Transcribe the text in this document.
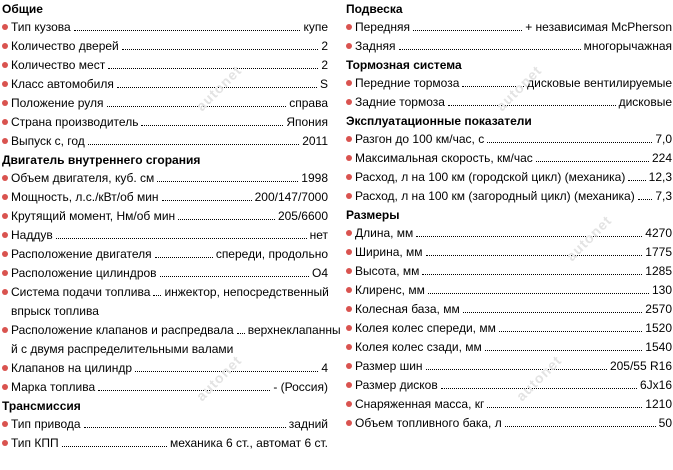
Общие
Тип кузова	купе
Количество дверей	2
Количество мест	2
Класс автомобиля	S
Положение руля	справа
Страна производитель	Япония
Выпуск с, год	2011
Двигатель внутреннего сгорания
Объем двигателя, куб. см	1998
Мощность, л.с./кВт/об мин	200/147/7000
Крутящий момент, Нм/об мин	205/6600
Наддув	нет
Расположение двигателя	спереди, продольно
Расположение цилиндров	O4
Система подачи топлива инжектор, непосредственный
впрыск топлива
Расположение клапанов и распредвала верхнеклапанны
й с двумя распределительными валами
Клапанов на цилиндр	4
Марка топлива	- (Россия)
Трансмиссия
Тип привода	задний
Тип КПП	механика 6 ст., автомат 6 ст.
Подвеска
Передняя	+ независимая McPherson
Задняя	многорычажная
Тормозная система
Передние тормоза	дисковые вентилируемые
Задние тормоза	дисковые
Эксплуатационные показатели
Разгон до 100 км/час, с	7,0
Максимальная скорость, км/час	224
Расход, л на 100 км (городской цикл) (механика) 12,3
Расход, л на 100 км (загородный цикл) (механика) 7,3
Размеры
Длина, мм	4270
Ширина, мм	1775
Высота, мм	1285
Клиренс, мм	130
Колесная база, мм	2570
Колея колес спереди, мм	1520
Колея колес сзади, мм	1540
Размер шин	205/55 R16
Размер дисков	6Jx16
Снаряженная масса, кг	1210
Объем топливного бака, л	50
autonet
autonet
autonet
autonet
autonet
